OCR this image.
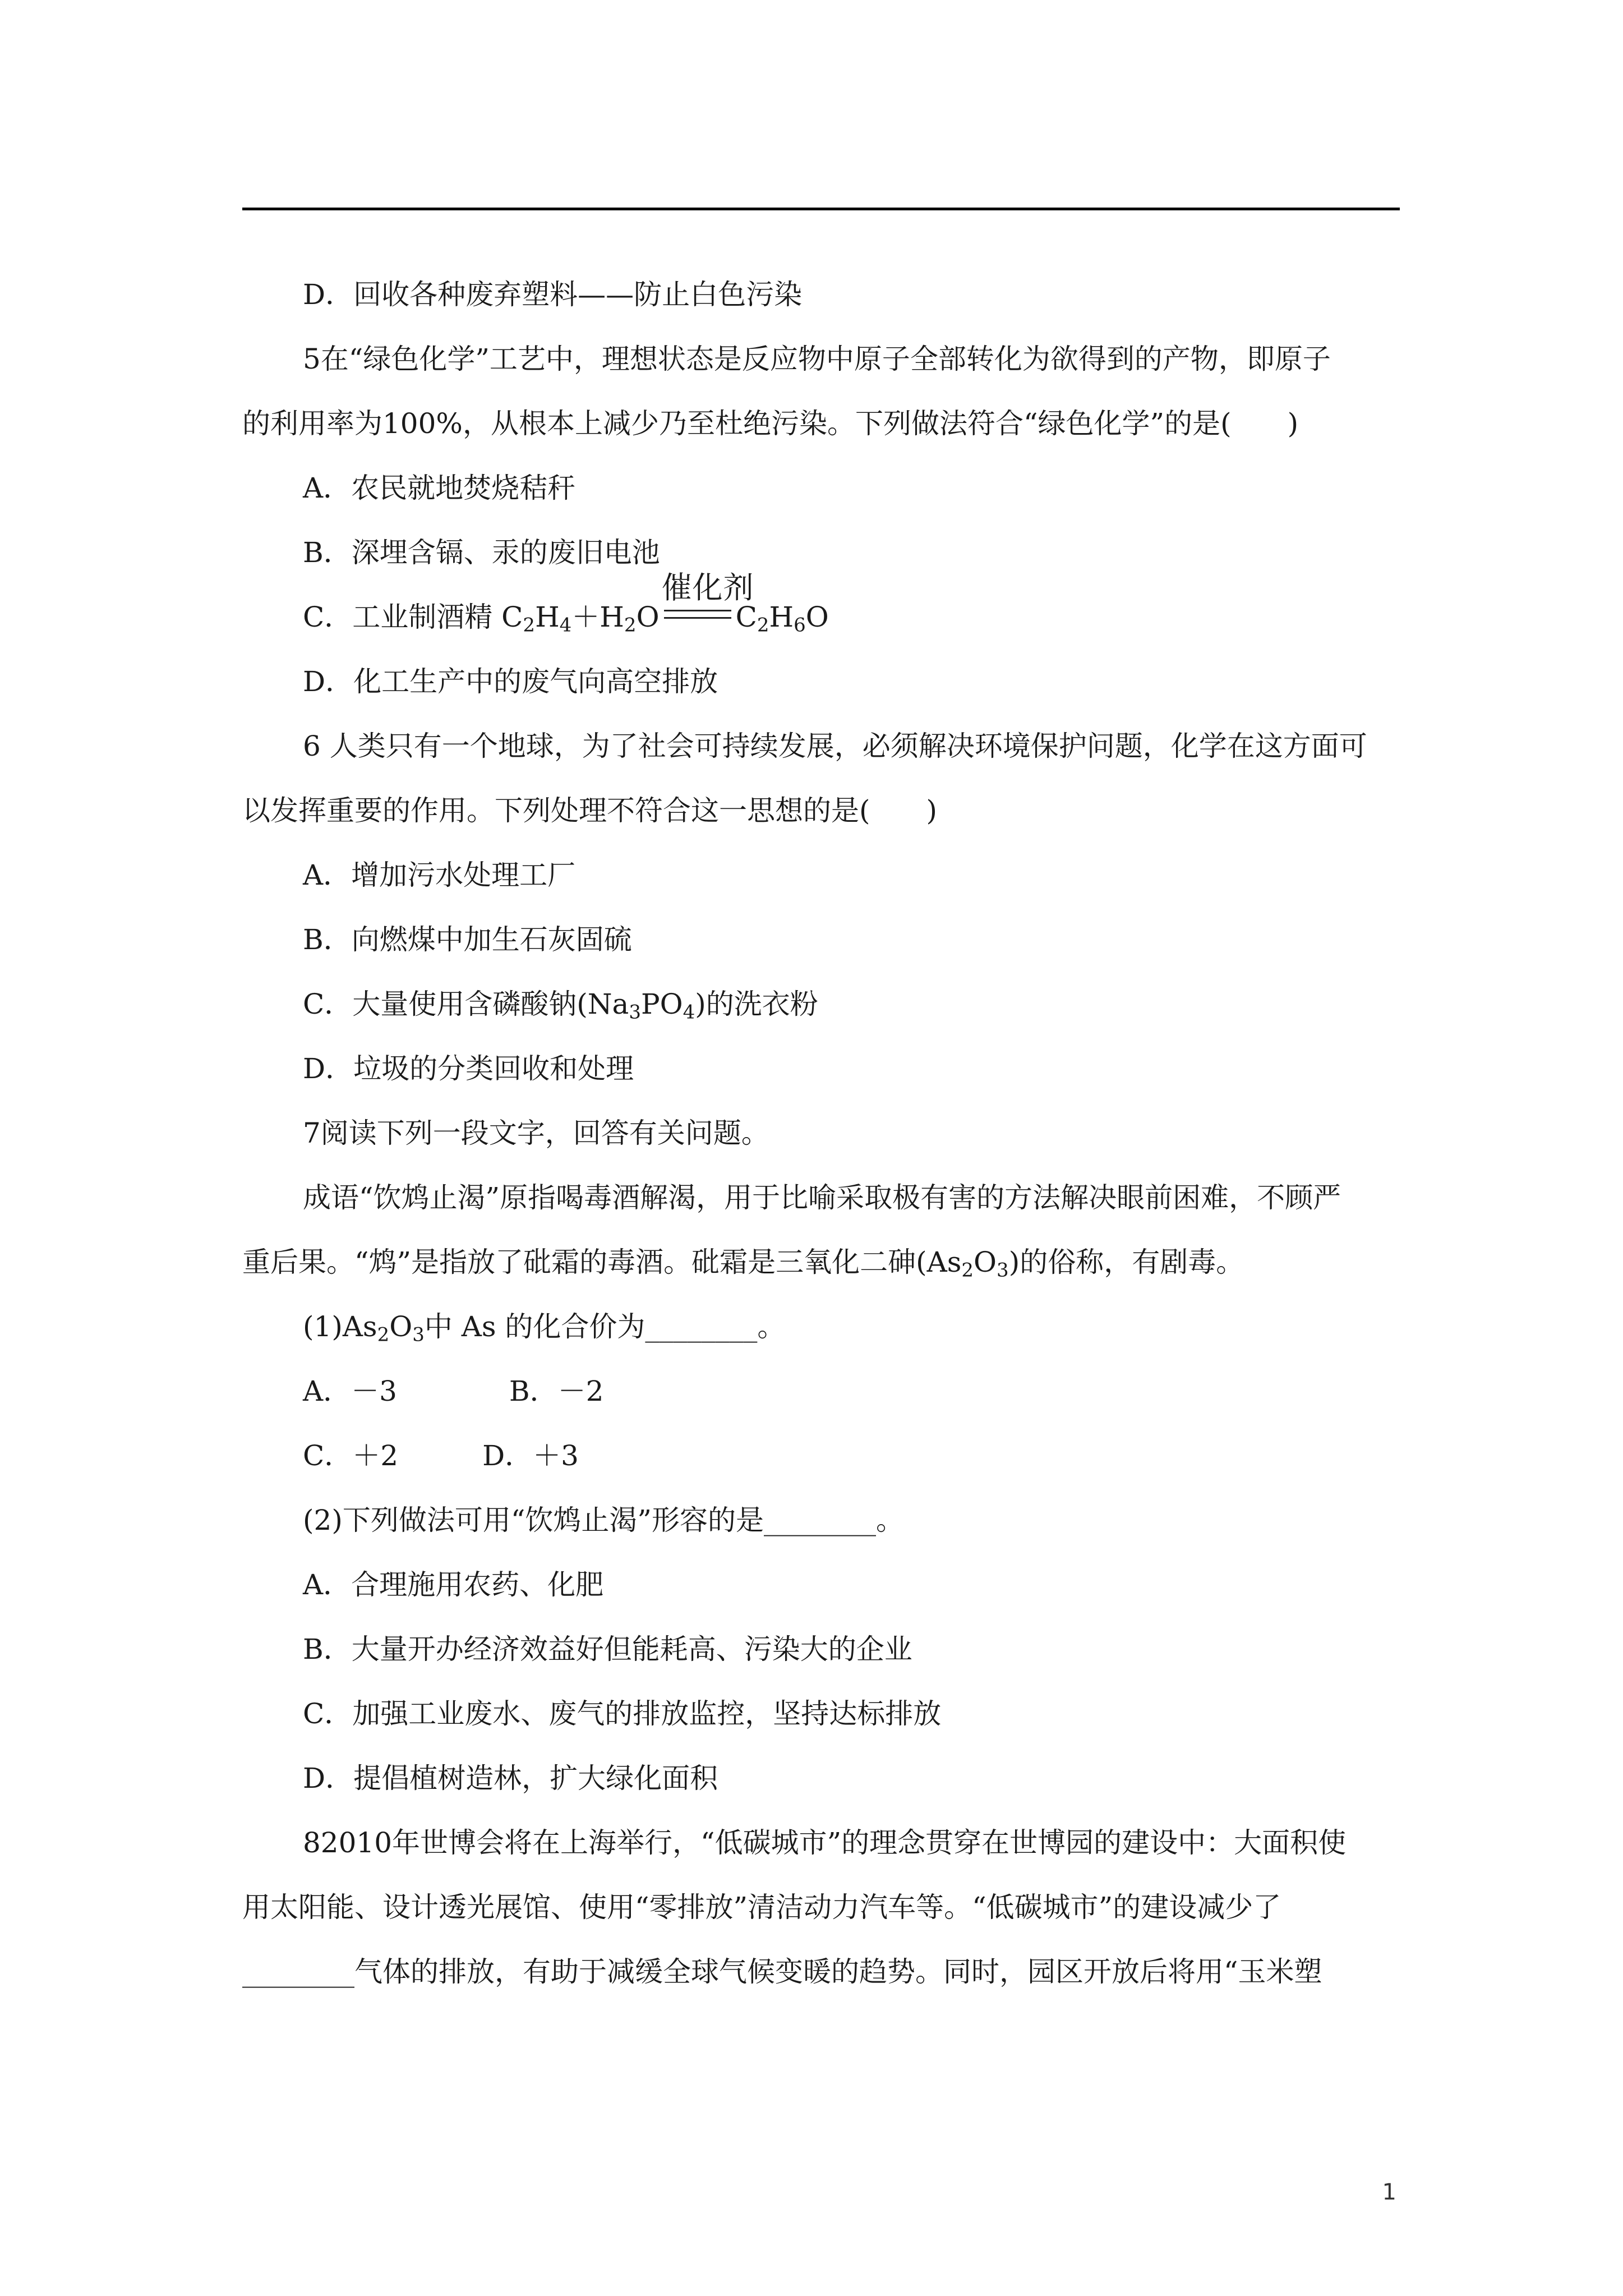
D．回收各种废弃塑料——防止白色污染
5在“绿色化学”工艺中，理想状态是反应物中原子全部转化为欲得到的产物，即原子
的利用率为100%，从根本上减少乃至杜绝污染。下列做法符合“绿色化学”的是(　　)
A．农民就地焚烧秸秆
B．深埋含镉、汞的废旧电池
C．工业制酒精 $C_2H_4+H_2O$
催化剂
$C_2H_6O$
D．化工生产中的废气向高空排放
6 人类只有一个地球，为了社会可持续发展，必须解决环境保护问题，化学在这方面可
以发挥重要的作用。下列处理不符合这一思想的是(　　)
A．增加污水处理工厂
B．向燃煤中加生石灰固硫
C．大量使用含磷酸钠$(Na_3PO_4)$的洗衣粉
D．垃圾的分类回收和处理
7阅读下列一段文字，回答有关问题。
成语“饮鸩止渴”原指喝毒酒解渴，用于比喻采取极有害的方法解决眼前困难，不顾严
重后果。“鸩”是指放了砒霜的毒酒。砒霜是三氧化二砷$(As_2O_3)$的俗称，有剧毒。
$(1)As_2O_3$中 As 的化合价为________。
A．－3　　　　B．－2
C．＋2　　　D．＋3
(2)下列做法可用“饮鸩止渴”形容的是________。
A．合理施用农药、化肥
B．大量开办经济效益好但能耗高、污染大的企业
C．加强工业废水、废气的排放监控，坚持达标排放
D．提倡植树造林，扩大绿化面积
82010年世博会将在上海举行，“低碳城市”的理念贯穿在世博园的建设中：大面积使
用太阳能、设计透光展馆、使用“零排放”清洁动力汽车等。“低碳城市”的建设减少了
________气体的排放，有助于减缓全球气候变暖的趋势。同时，园区开放后将用“玉米塑
1
